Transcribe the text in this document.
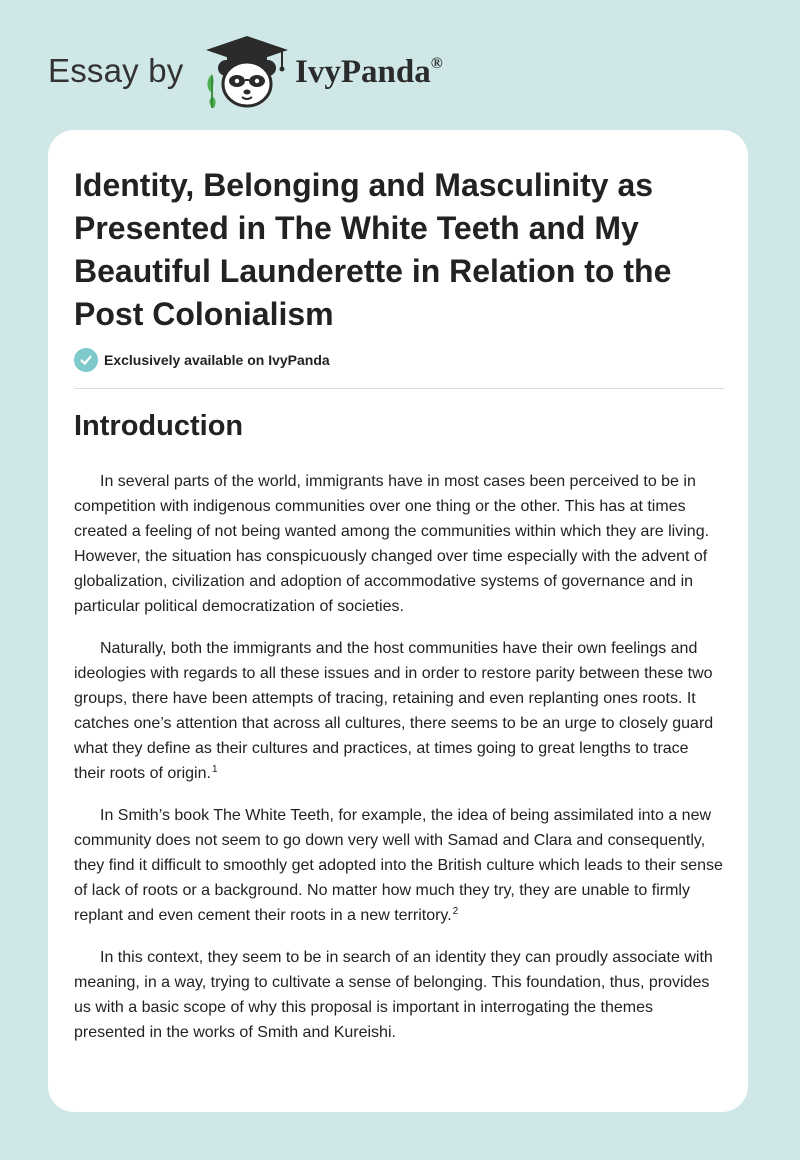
Essay by	IvyPanda®
Identity, Belonging and Masculinity as Presented in The White Teeth and My Beautiful Launderette in Relation to the Post Colonialism
Exclusively available on IvyPanda
Introduction

In several parts of the world, immigrants have in most cases been perceived to be in competition with indigenous communities over one thing or the other. This has at times created a feeling of not being wanted among the communities within which they are living. However, the situation has conspicuously changed over time especially with the advent of globalization, civilization and adoption of accommodative systems of governance and in particular political democratization of societies.

Naturally, both the immigrants and the host communities have their own feelings and ideologies with regards to all these issues and in order to restore parity between these two groups, there have been attempts of tracing, retaining and even replanting ones roots. It catches one’s attention that across all cultures, there seems to be an urge to closely guard what they define as their cultures and practices, at times going to great lengths to trace their roots of origin.$^1$

In Smith’s book The White Teeth, for example, the idea of being assimilated into a new community does not seem to go down very well with Samad and Clara and consequently, they find it difficult to smoothly get adopted into the British culture which leads to their sense of lack of roots or a background. No matter how much they try, they are unable to firmly replant and even cement their roots in a new territory.$^2$

In this context, they seem to be in search of an identity they can proudly associate with meaning, in a way, trying to cultivate a sense of belonging. This foundation, thus, provides us with a basic scope of why this proposal is important in interrogating the themes presented in the works of Smith and Kureishi.
